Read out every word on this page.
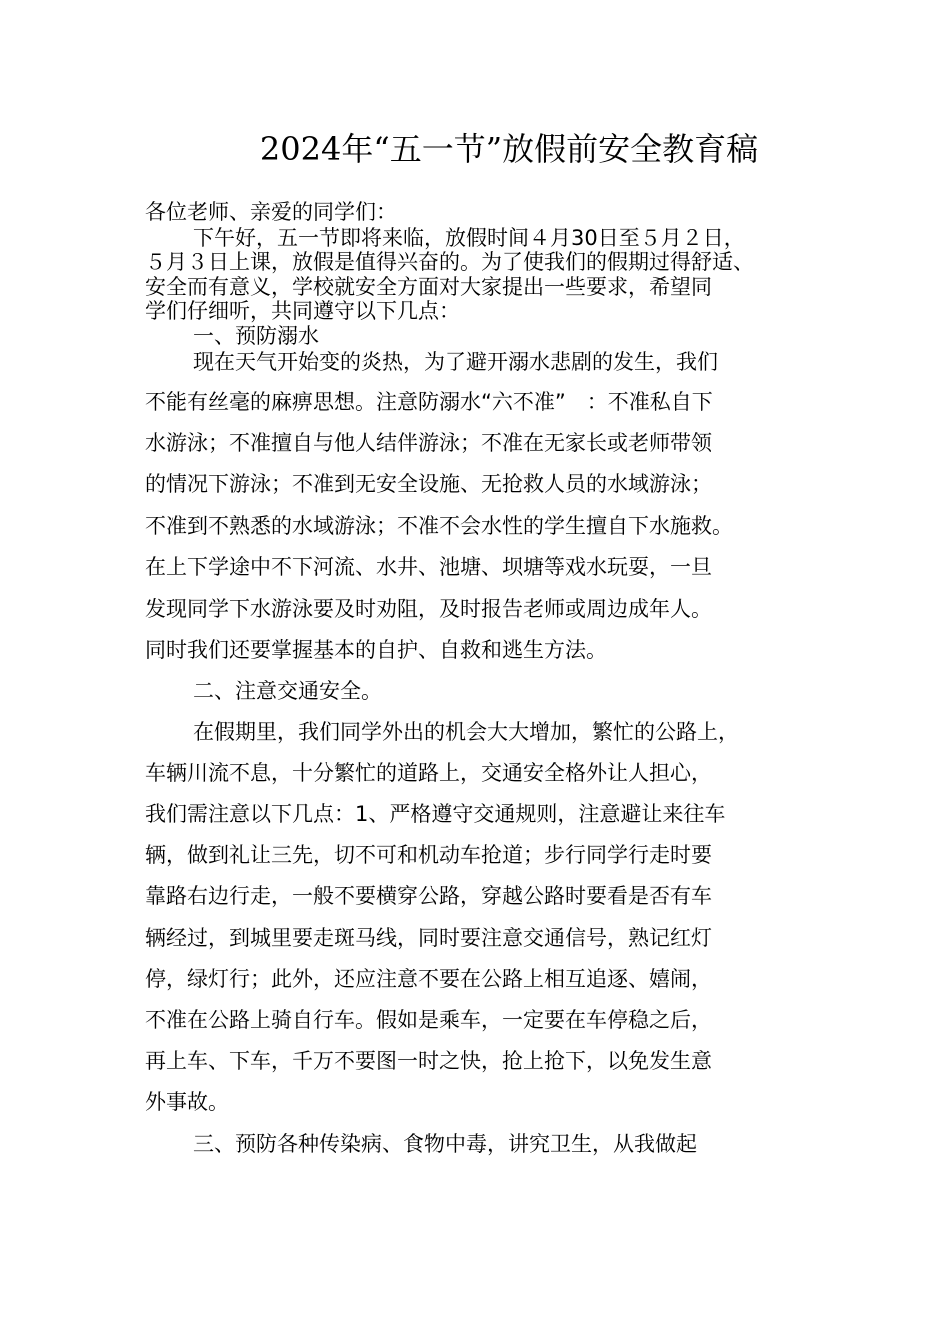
2024年“五一节”放假前安全教育稿

各位老师、亲爱的同学们：

下午好，五一节即将来临，放假时间４月30日至５月２日，

５月３日上课，放假是值得兴奋的。为了使我们的假期过得舒适、

安全而有意义，学校就安全方面对大家提出一些要求，希望同

学们仔细听，共同遵守以下几点：

一、预防溺水

现在天气开始变的炎热，为了避开溺水悲剧的发生，我们

不能有丝毫的麻痹思想。注意防溺水“六不准”　：不准私自下

水游泳；不准擅自与他人结伴游泳；不准在无家长或老师带领

的情况下游泳；不准到无安全设施、无抢救人员的水域游泳；

不准到不熟悉的水域游泳；不准不会水性的学生擅自下水施救。

在上下学途中不下河流、水井、池塘、坝塘等戏水玩耍，一旦

发现同学下水游泳要及时劝阻，及时报告老师或周边成年人。

同时我们还要掌握基本的自护、自救和逃生方法。

二、注意交通安全。

在假期里，我们同学外出的机会大大增加，繁忙的公路上，

车辆川流不息，十分繁忙的道路上，交通安全格外让人担心，

我们需注意以下几点：1、严格遵守交通规则，注意避让来往车

辆，做到礼让三先，切不可和机动车抢道；步行同学行走时要

靠路右边行走，一般不要横穿公路，穿越公路时要看是否有车

辆经过，到城里要走斑马线，同时要注意交通信号，熟记红灯

停，绿灯行；此外，还应注意不要在公路上相互追逐、嬉闹，

不准在公路上骑自行车。假如是乘车，一定要在车停稳之后，

再上车、下车，千万不要图一时之快，抢上抢下，以免发生意

外事故。

三、预防各种传染病、食物中毒，讲究卫生，从我做起
